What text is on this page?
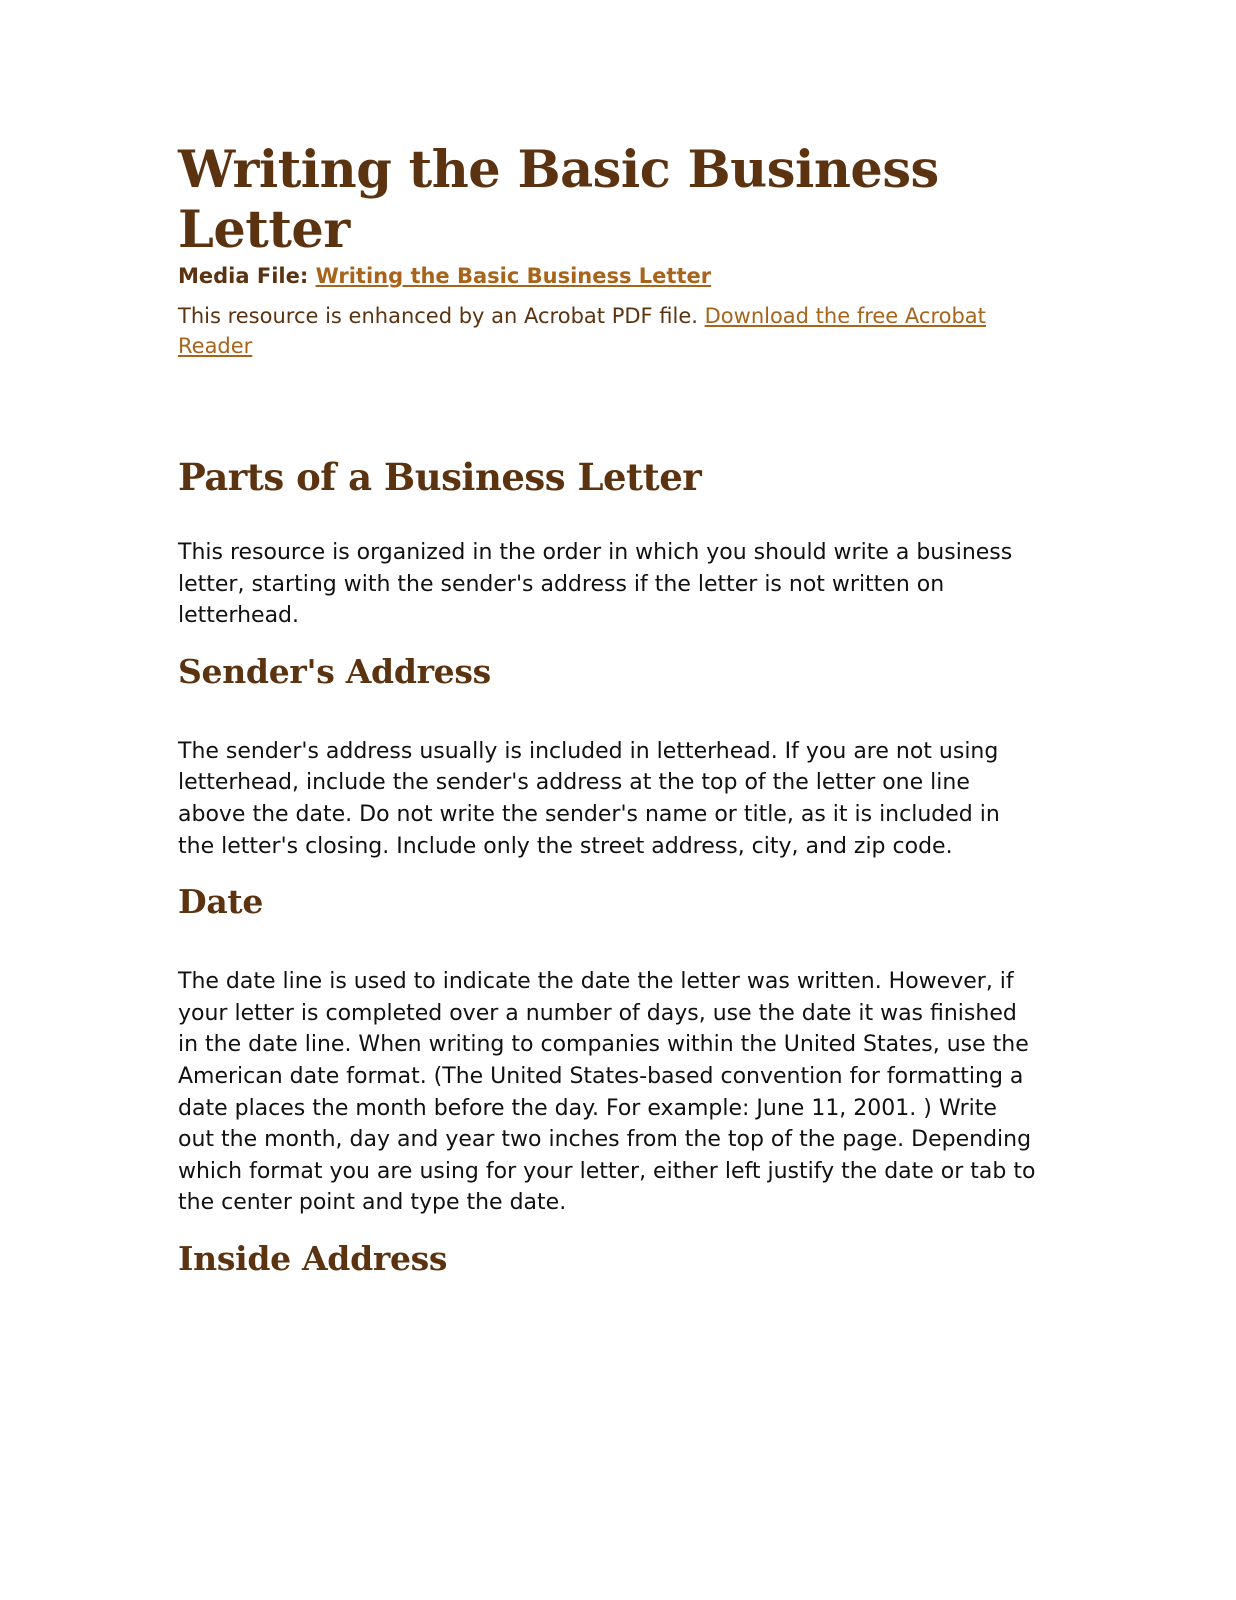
Writing the Basic Business Letter
Media File: Writing the Basic Business Letter
This resource is enhanced by an Acrobat PDF file. Download the free Acrobat Reader
Parts of a Business Letter

This resource is organized in the order in which you should write a business letter, starting with the sender's address if the letter is not written on letterhead.

Sender's Address

The sender's address usually is included in letterhead. If you are not using letterhead, include the sender's address at the top of the letter one line above the date. Do not write the sender's name or title, as it is included in the letter's closing. Include only the street address, city, and zip code.

Date

The date line is used to indicate the date the letter was written. However, if your letter is completed over a number of days, use the date it was finished in the date line. When writing to companies within the United States, use the American date format. (The United States-based convention for formatting a date places the month before the day. For example: June 11, 2001. ) Write out the month, day and year two inches from the top of the page. Depending which format you are using for your letter, either left justify the date or tab to the center point and type the date.

Inside Address
